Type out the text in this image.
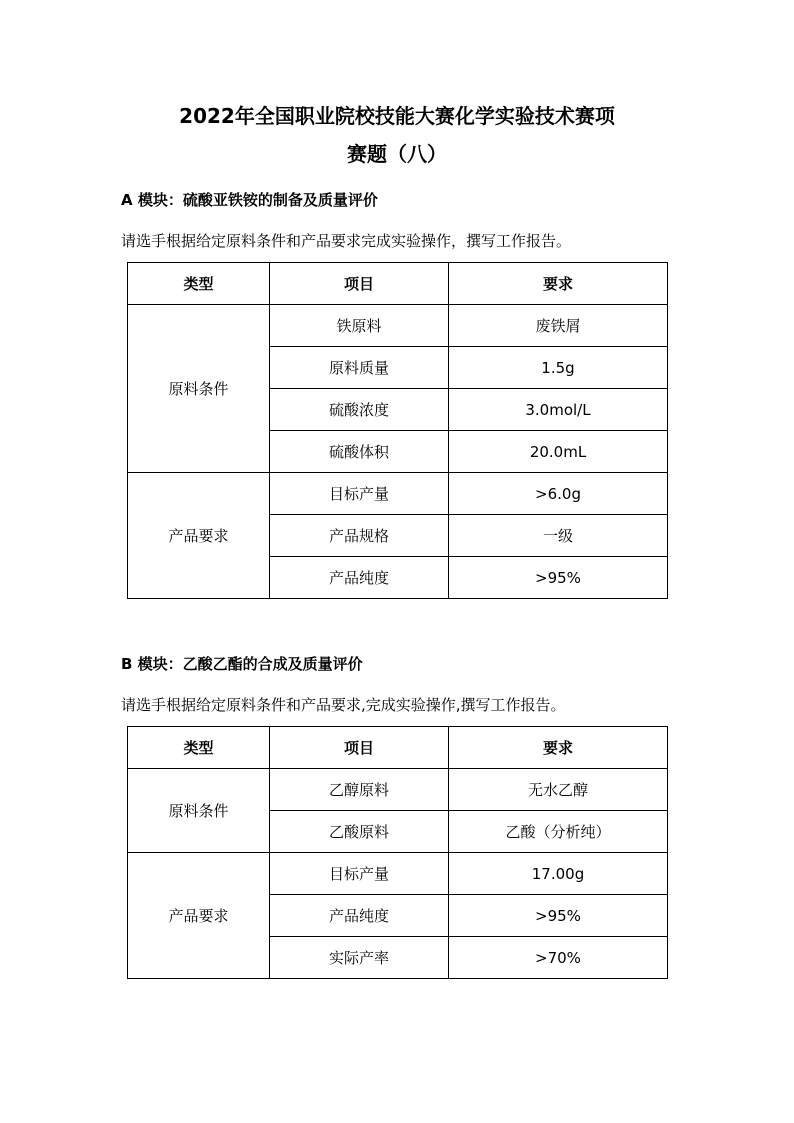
2022年全国职业院校技能大赛化学实验技术赛项
赛题（八）
A 模块：硫酸亚铁铵的制备及质量评价
请选手根据给定原料条件和产品要求完成实验操作，撰写工作报告。
类型	项目	要求
原料条件	铁原料	废铁屑
	原料质量	1.5g
	硫酸浓度	3.0mol/L
	硫酸体积	20.0mL
产品要求	目标产量	>6.0g
	产品规格	一级
	产品纯度	>95%
B 模块：乙酸乙酯的合成及质量评价
请选手根据给定原料条件和产品要求,完成实验操作,撰写工作报告。
类型	项目	要求
原料条件	乙醇原料	无水乙醇
	乙酸原料	乙酸（分析纯）
产品要求	目标产量	17.00g
	产品纯度	>95%
	实际产率	>70%
